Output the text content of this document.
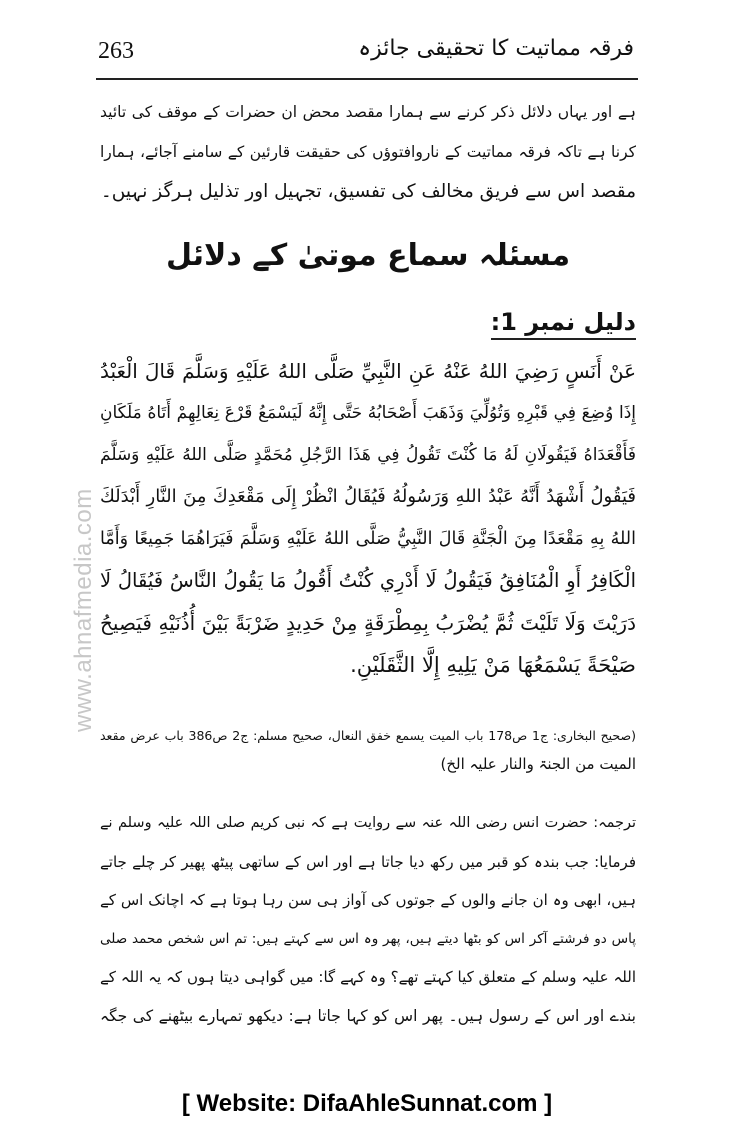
263	فرقہ مماتیت کا تحقیقی جائزہ
www.ahnafmedia.com
ہے اور یہاں دلائل ذکر کرنے سے ہمارا مقصد محض ان حضرات کے موقف کی تائید
کرنا ہے تاکہ فرقہ مماتیت کے ناروافتوؤں کی حقیقت قارئین کے سامنے آجائے، ہمارا
مقصد اس سے فریق مخالف کی تفسیق، تجہیل اور تذلیل ہرگز نہیں۔
مسئلہ سماع موتیٰ کے دلائل
دلیل نمبر 1:
عَنْ أَنَسٍ رَضِيَ اللهُ عَنْهُ عَنِ النَّبِيِّ صَلَّى اللهُ عَلَيْهِ وَسَلَّمَ قَالَ الْعَبْدُ
إِذَا وُضِعَ فِي قَبْرِهِ وَتُوُلِّيَ وَذَهَبَ أَصْحَابُهُ حَتَّى إِنَّهُ لَيَسْمَعُ قَرْعَ نِعَالِهِمْ أَتَاهُ مَلَكَانِ
فَأَقْعَدَاهُ فَيَقُولَانِ لَهُ مَا كُنْتَ تَقُولُ فِي هَذَا الرَّجُلِ مُحَمَّدٍ صَلَّى اللهُ عَلَيْهِ وَسَلَّمَ
فَيَقُولُ أَشْهَدُ أَنَّهُ عَبْدُ اللهِ وَرَسُولُهُ فَيُقَالُ انْظُرْ إِلَى مَقْعَدِكَ مِنَ النَّارِ أَبْدَلَكَ
اللهُ بِهِ مَقْعَدًا مِنَ الْجَنَّةِ قَالَ النَّبِيُّ صَلَّى اللهُ عَلَيْهِ وَسَلَّمَ فَيَرَاهُمَا جَمِيعًا وَأَمَّا
الْكَافِرُ أَوِ الْمُنَافِقُ فَيَقُولُ لَا أَدْرِي كُنْتُ أَقُولُ مَا يَقُولُ النَّاسُ فَيُقَالُ لَا
دَرَيْتَ وَلَا تَلَيْتَ ثُمَّ يُضْرَبُ بِمِطْرَقَةٍ مِنْ حَدِيدٍ ضَرْبَةً بَيْنَ أُذُنَيْهِ فَيَصِيحُ
صَيْحَةً يَسْمَعُهَا مَنْ يَلِيهِ إِلَّا الثَّقَلَيْنِ.
(صحیح البخاری: ج1 ص178 باب المیت یسمع خفق النعال، صحیح مسلم: ج2 ص386 باب عرض مقعد
المیت من الجنۃ والنار علیہ الخ)
ترجمہ: حضرت انس رضی اللہ عنہ سے روایت ہے کہ نبی کریم صلی اللہ علیہ وسلم نے
فرمایا: جب بندہ کو قبر میں رکھ دیا جاتا ہے اور اس کے ساتھی پیٹھ پھیر کر چلے جاتے
ہیں، ابھی وہ ان جانے والوں کے جوتوں کی آواز ہی سن رہا ہوتا ہے کہ اچانک اس کے
پاس دو فرشتے آکر اس کو بٹھا دیتے ہیں، پھر وہ اس سے کہتے ہیں: تم اس شخص محمد صلی
اللہ علیہ وسلم کے متعلق کیا کہتے تھے؟ وہ کہے گا: میں گواہی دیتا ہوں کہ یہ اللہ کے
بندے اور اس کے رسول ہیں۔ پھر اس کو کہا جاتا ہے: دیکھو تمہارے بیٹھنے کی جگہ
[ Website: DifaAhleSunnat.com ]
